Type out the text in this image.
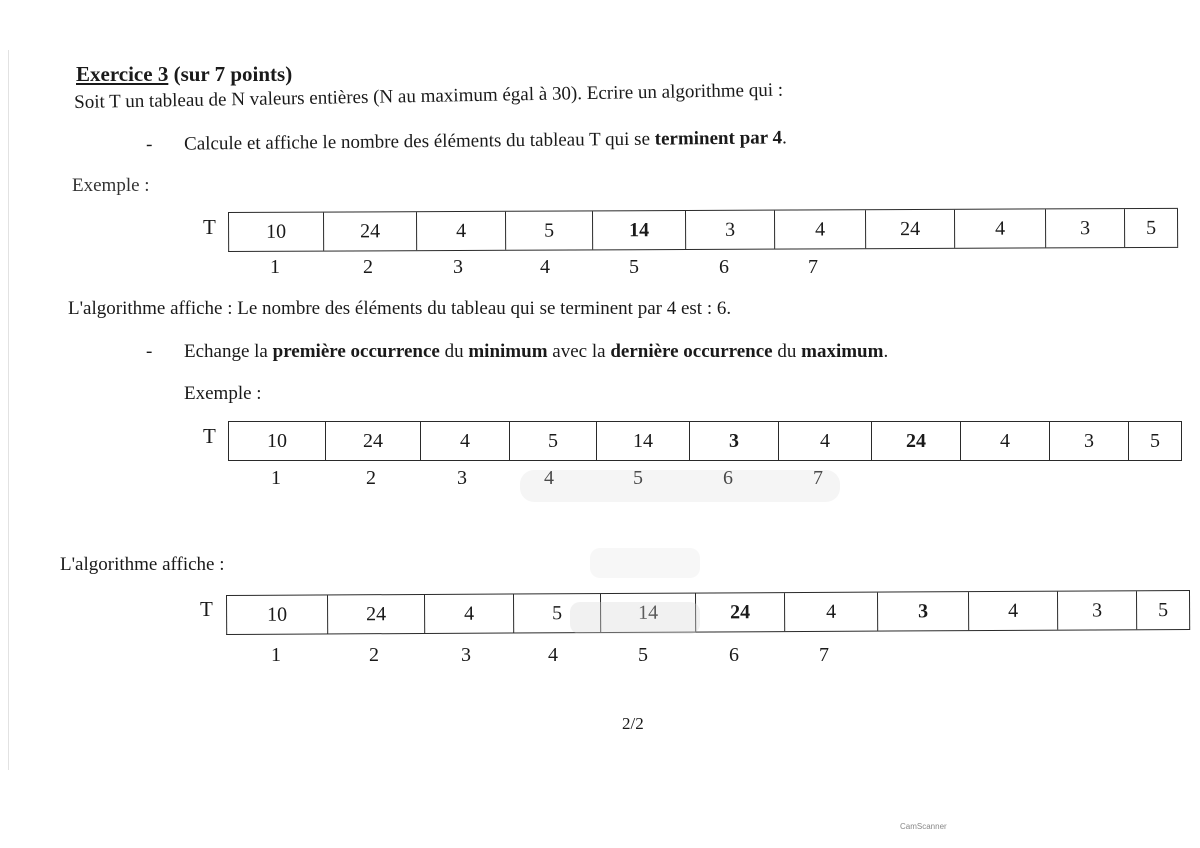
Exercice 3 (sur 7 points)
Soit T un tableau de N valeurs entières (N au maximum égal à 30). Ecrire un algorithme qui :
- Calcule et affiche le nombre des éléments du tableau T qui se terminent par 4.
Exemple :
T	10	24	4	5	14	3	4	24	4	3	5
1	2	3	4	5	6	7
L'algorithme affiche : Le nombre des éléments du tableau qui se terminent par 4 est : 6.
- Echange la première occurrence du minimum avec la dernière occurrence du maximum.
Exemple :
T	10	24	4	5	14	3	4	24	4	3	5
1	2	3	4	5	6	7
L'algorithme affiche :
T	10	24	4	5	14	24	4	3	4	3	5
1	2	3	4	5	6	7
2/2
CamScanner
